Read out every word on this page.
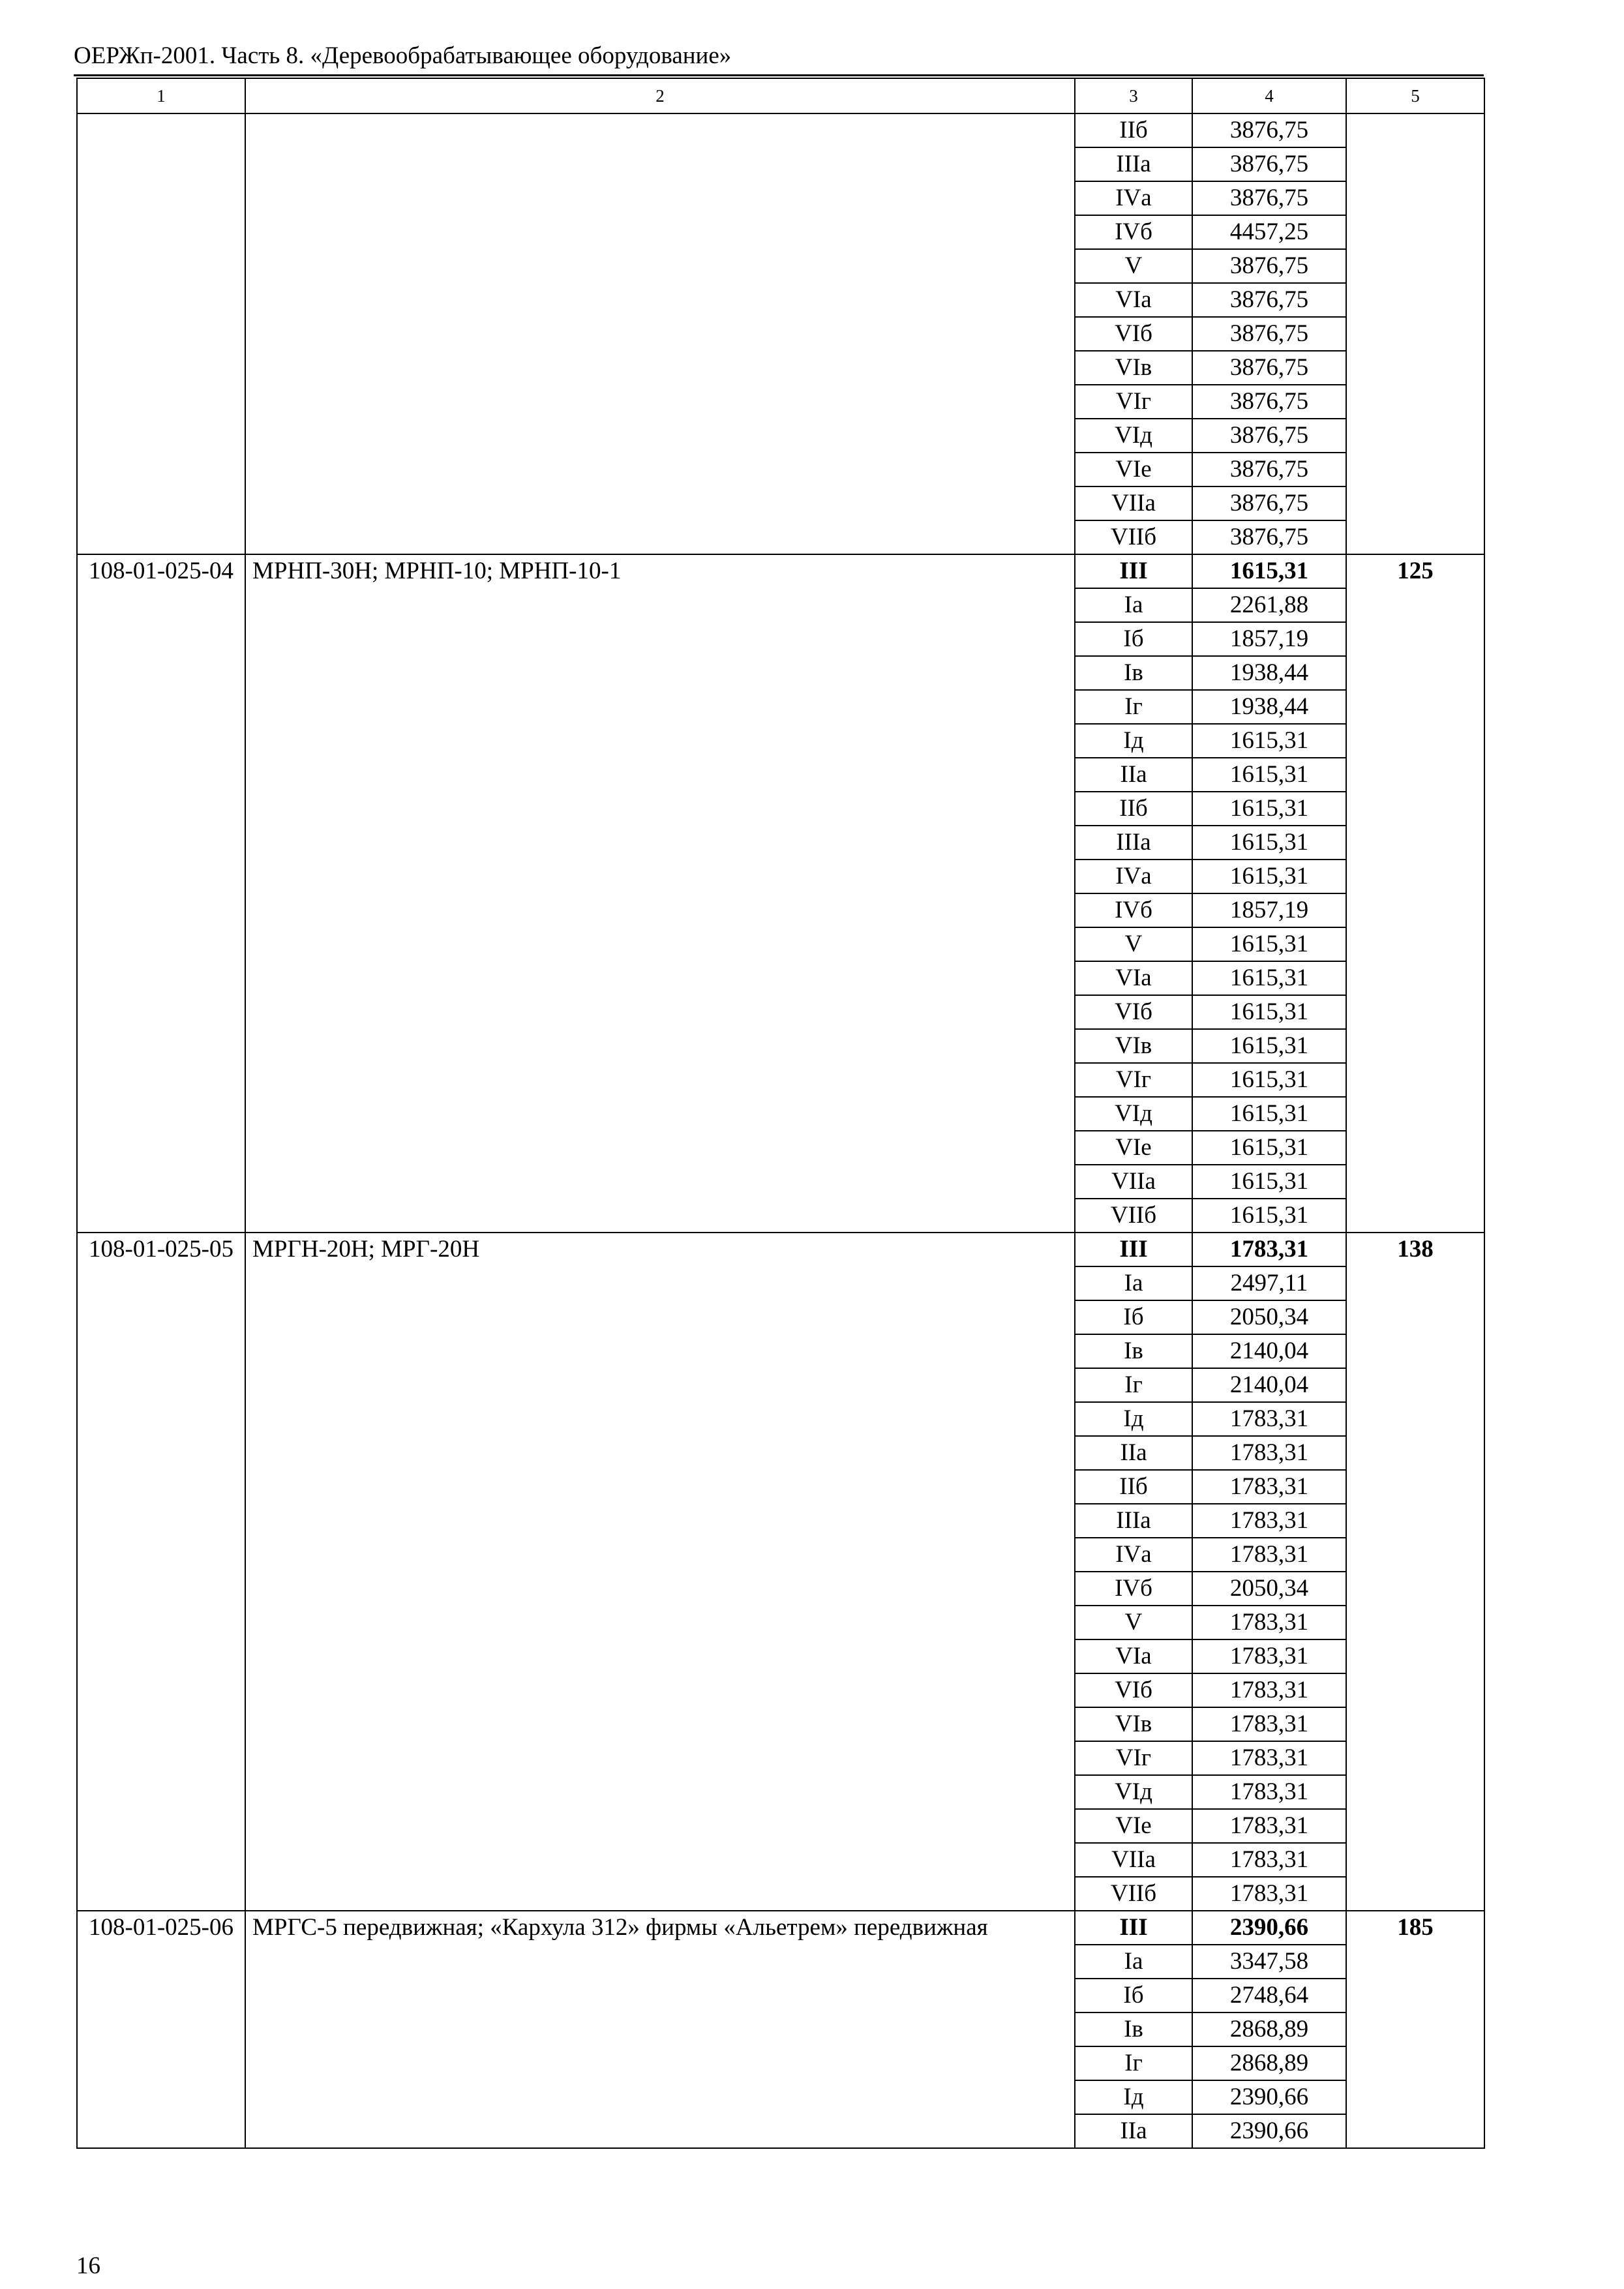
ОЕРЖп-2001. Часть 8. «Деревообрабатывающее оборудование»
1	2	3	4	5
		IIб	3876,75	
		IIIа	3876,75	
		IVа	3876,75	
		IVб	4457,25	
		V	3876,75	
		VIа	3876,75	
		VIб	3876,75	
		VIв	3876,75	
		VIг	3876,75	
		VIд	3876,75	
		VIе	3876,75	
		VIIа	3876,75	
		VIIб	3876,75	
108-01-025-04	МРНП-30Н; МРНП-10; МРНП-10-1	III	1615,31	125
		Iа	2261,88	
		Iб	1857,19	
		Iв	1938,44	
		Iг	1938,44	
		Iд	1615,31	
		IIа	1615,31	
		IIб	1615,31	
		IIIа	1615,31	
		IVа	1615,31	
		IVб	1857,19	
		V	1615,31	
		VIа	1615,31	
		VIб	1615,31	
		VIв	1615,31	
		VIг	1615,31	
		VIд	1615,31	
		VIе	1615,31	
		VIIа	1615,31	
		VIIб	1615,31	
108-01-025-05	МРГН-20Н; МРГ-20Н	III	1783,31	138
		Iа	2497,11	
		Iб	2050,34	
		Iв	2140,04	
		Iг	2140,04	
		Iд	1783,31	
		IIа	1783,31	
		IIб	1783,31	
		IIIа	1783,31	
		IVа	1783,31	
		IVб	2050,34	
		V	1783,31	
		VIа	1783,31	
		VIб	1783,31	
		VIв	1783,31	
		VIг	1783,31	
		VIд	1783,31	
		VIе	1783,31	
		VIIа	1783,31	
		VIIб	1783,31	
108-01-025-06	МРГС-5 передвижная; «Кархула 312» фирмы «Альетрем» передвижная	III	2390,66	185
		Iа	3347,58	
		Iб	2748,64	
		Iв	2868,89	
		Iг	2868,89	
		Iд	2390,66	
		IIа	2390,66	
16
